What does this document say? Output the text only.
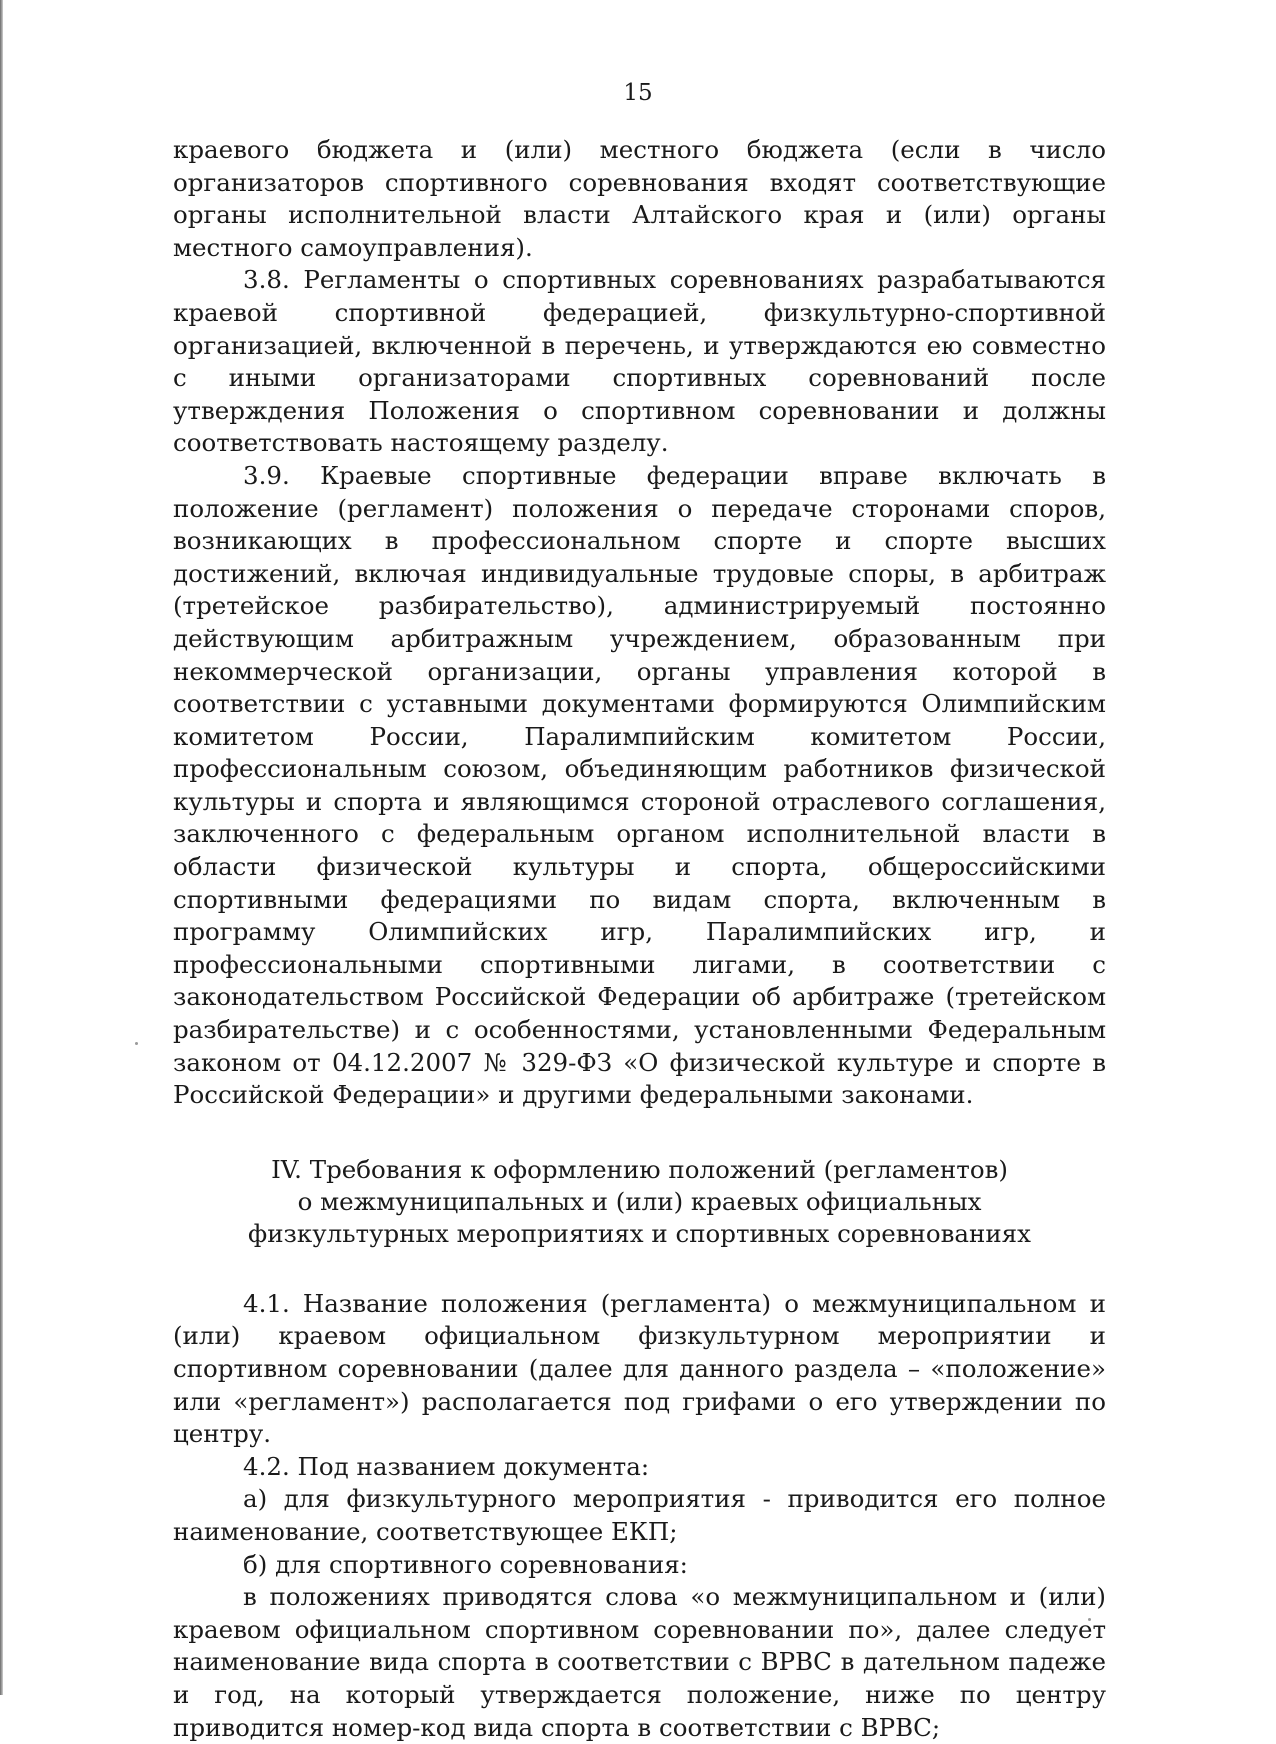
15

краевого бюджета и (или) местного бюджета (если в число организаторов спортивного соревнования входят соответствующие органы исполнительной власти Алтайского края и (или) органы местного самоуправления).

3.8. Регламенты о спортивных соревнованиях разрабатываются краевой спортивной федерацией, физкультурно-спортивной организацией, включенной в перечень, и утверждаются ею совместно с иными организаторами спортивных соревнований после утверждения Положения о спортивном соревновании и должны соответствовать настоящему разделу.

3.9. Краевые спортивные федерации вправе включать в положение (регламент) положения о передаче сторонами споров, возникающих в профессиональном спорте и спорте высших достижений, включая индивидуальные трудовые споры, в арбитраж (третейское разбирательство), администрируемый постоянно действующим арбитражным учреждением, образованным при некоммерческой организации, органы управления которой в соответствии с уставными документами формируются Олимпийским комитетом России, Паралимпийским комитетом России, профессиональным союзом, объединяющим работников физической культуры и спорта и являющимся стороной отраслевого соглашения, заключенного с федеральным органом исполнительной власти в области физической культуры и спорта, общероссийскими спортивными федерациями по видам спорта, включенным в программу Олимпийских игр, Паралимпийских игр, и профессиональными спортивными лигами, в соответствии с законодательством Российской Федерации об арбитраже (третейском разбирательстве) и с особенностями, установленными Федеральным законом от 04.12.2007 № 329-ФЗ «О физической культуре и спорте в Российской Федерации» и другими федеральными законами.

IV. Требования к оформлению положений (регламентов)
о межмуниципальных и (или) краевых официальных
физкультурных мероприятиях и спортивных соревнованиях

4.1. Название положения (регламента) о межмуниципальном и (или) краевом официальном физкультурном мероприятии и спортивном соревновании (далее для данного раздела – «положение» или «регламент») располагается под грифами о его утверждении по центру.

4.2. Под названием документа:

а) для физкультурного мероприятия - приводится его полное наименование, соответствующее ЕКП;

б) для спортивного соревнования:

в положениях приводятся слова «о межмуниципальном и (или) краевом официальном спортивном соревновании по», далее следует наименование вида спорта в соответствии с ВРВС в дательном падеже и год, на который утверждается положение, ниже по центру приводится номер-код вида спорта в соответствии с ВРВС;
